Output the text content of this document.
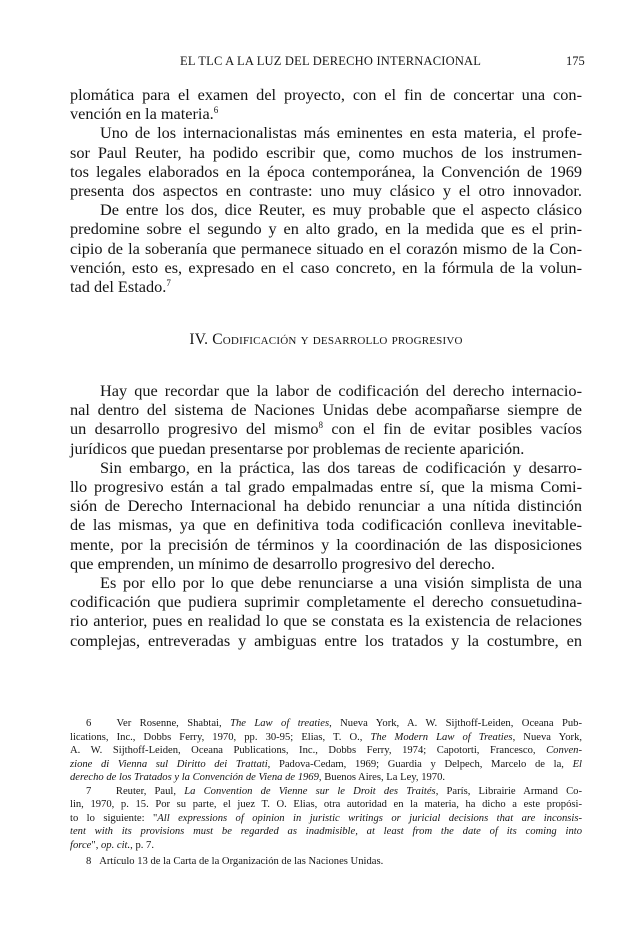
EL TLC A LA LUZ DEL DERECHO INTERNACIONAL	175
plomática para el examen del proyecto, con el fin de concertar una con-
vención en la materia.$^6$
Uno de los internacionalistas más eminentes en esta materia, el profe-
sor Paul Reuter, ha podido escribir que, como muchos de los instrumen-
tos legales elaborados en la época contemporánea, la Convención de 1969
presenta dos aspectos en contraste: uno muy clásico y el otro innovador.
De entre los dos, dice Reuter, es muy probable que el aspecto clásico
predomine sobre el segundo y en alto grado, en la medida que es el prin-
cipio de la soberanía que permanece situado en el corazón mismo de la Con-
vención, esto es, expresado en el caso concreto, en la fórmula de la volun-
tad del Estado.$^7$
IV. Codificación y desarrollo progresivo
Hay que recordar que la labor de codificación del derecho internacio-
nal dentro del sistema de Naciones Unidas debe acompañarse siempre de
un desarrollo progresivo del mismo$^8$ con el fin de evitar posibles vacíos
jurídicos que puedan presentarse por problemas de reciente aparición.
Sin embargo, en la práctica, las dos tareas de codificación y desarro-
llo progresivo están a tal grado empalmadas entre sí, que la misma Comi-
sión de Derecho Internacional ha debido renunciar a una nítida distinción
de las mismas, ya que en definitiva toda codificación conlleva inevitable-
mente, por la precisión de términos y la coordinación de las disposiciones
que emprenden, un mínimo de desarrollo progresivo del derecho.
Es por ello por lo que debe renunciarse a una visión simplista de una
codificación que pudiera suprimir completamente el derecho consuetudina-
rio anterior, pues en realidad lo que se constata es la existencia de relaciones
complejas, entreveradas y ambiguas entre los tratados y la costumbre, en
6 Ver Rosenne, Shabtai, The Law of treaties, Nueva York, A. W. Sijthoff-Leiden, Oceana Pub-
lications, Inc., Dobbs Ferry, 1970, pp. 30-95; Elias, T. O., The Modern Law of Treaties, Nueva York,
A. W. Sijthoff-Leiden, Oceana Publications, Inc., Dobbs Ferry, 1974; Capotorti, Francesco, Conven-
zione di Vienna sul Diritto dei Trattati, Padova-Cedam, 1969; Guardia y Delpech, Marcelo de la, El
derecho de los Tratados y la Convención de Viena de 1969, Buenos Aires, La Ley, 1970.
7 Reuter, Paul, La Convention de Vienne sur le Droit des Traités, París, Librairie Armand Co-
lin, 1970, p. 15. Por su parte, el juez T. O. Elias, otra autoridad en la materia, ha dicho a este propósi-
to lo siguiente: "All expressions of opinion in juristic writings or juricial decisions that are inconsis-
tent with its provisions must be regarded as inadmisible, at least from the date of its coming into
force", op. cit., p. 7.
8 Artículo 13 de la Carta de la Organización de las Naciones Unidas.
